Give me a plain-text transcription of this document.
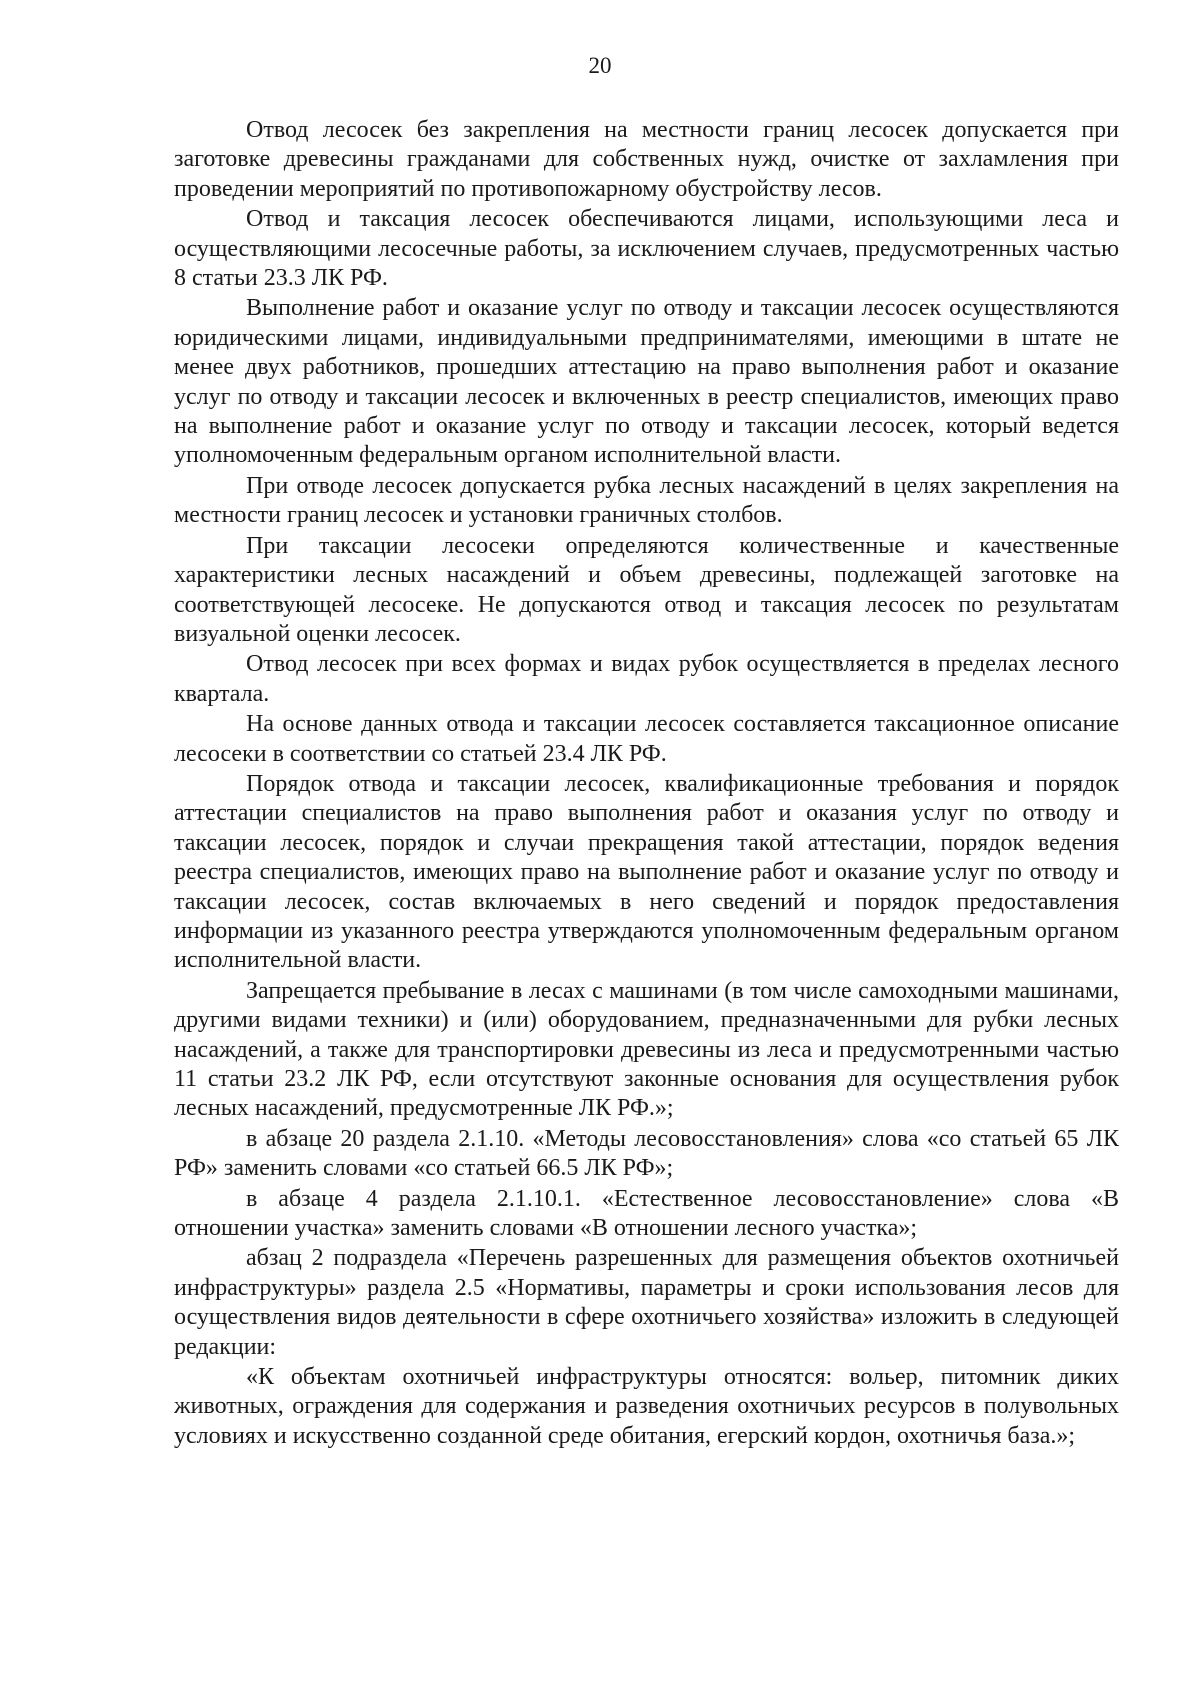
20

Отвод лесосек без закрепления на местности границ лесосек допускается при заготовке древесины гражданами для собственных нужд, очистке от захламления при проведении мероприятий по противопожарному обустройству лесов.

Отвод и таксация лесосек обеспечиваются лицами, использующими леса и осуществляющими лесосечные работы, за исключением случаев, предусмотренных частью 8 статьи 23.3 ЛК РФ.

Выполнение работ и оказание услуг по отводу и таксации лесосек осуществляются юридическими лицами, индивидуальными предпринимателями, имеющими в штате не менее двух работников, прошедших аттестацию на право выполнения работ и оказание услуг по отводу и таксации лесосек и включенных в реестр специалистов, имеющих право на выполнение работ и оказание услуг по отводу и таксации лесосек, который ведется уполномоченным федеральным органом исполнительной власти.

При отводе лесосек допускается рубка лесных насаждений в целях закрепления на местности границ лесосек и установки граничных столбов.

При таксации лесосеки определяются количественные и качественные характеристики лесных насаждений и объем древесины, подлежащей заготовке на соответствующей лесосеке. Не допускаются отвод и таксация лесосек по результатам визуальной оценки лесосек.

Отвод лесосек при всех формах и видах рубок осуществляется в пределах лесного квартала.

На основе данных отвода и таксации лесосек составляется таксационное описание лесосеки в соответствии со статьей 23.4 ЛК РФ.

Порядок отвода и таксации лесосек, квалификационные требования и порядок аттестации специалистов на право выполнения работ и оказания услуг по отводу и таксации лесосек, порядок и случаи прекращения такой аттестации, порядок ведения реестра специалистов, имеющих право на выполнение работ и оказание услуг по отводу и таксации лесосек, состав включаемых в него сведений и порядок предоставления информации из указанного реестра утверждаются уполномоченным федеральным органом исполнительной власти.

Запрещается пребывание в лесах с машинами (в том числе самоходными машинами, другими видами техники) и (или) оборудованием, предназначенными для рубки лесных насаждений, а также для транспортировки древесины из леса и предусмотренными частью 11 статьи 23.2 ЛК РФ, если отсутствуют законные основания для осуществления рубок лесных насаждений, предусмотренные ЛК РФ.»;

в абзаце 20 раздела 2.1.10. «Методы лесовосстановления» слова «со статьей 65 ЛК РФ» заменить словами «со статьей 66.5 ЛК РФ»;

в абзаце 4 раздела 2.1.10.1. «Естественное лесовосстановление» слова «В отношении участка» заменить словами «В отношении лесного участка»;

абзац 2 подраздела «Перечень разрешенных для размещения объектов охотничьей инфраструктуры» раздела 2.5 «Нормативы, параметры и сроки использования лесов для осуществления видов деятельности в сфере охотничьего хозяйства» изложить в следующей редакции:

«К объектам охотничьей инфраструктуры относятся: вольер, питомник диких животных, ограждения для содержания и разведения охотничьих ресурсов в полувольных условиях и искусственно созданной среде обитания, егерский кордон, охотничья база.»;
